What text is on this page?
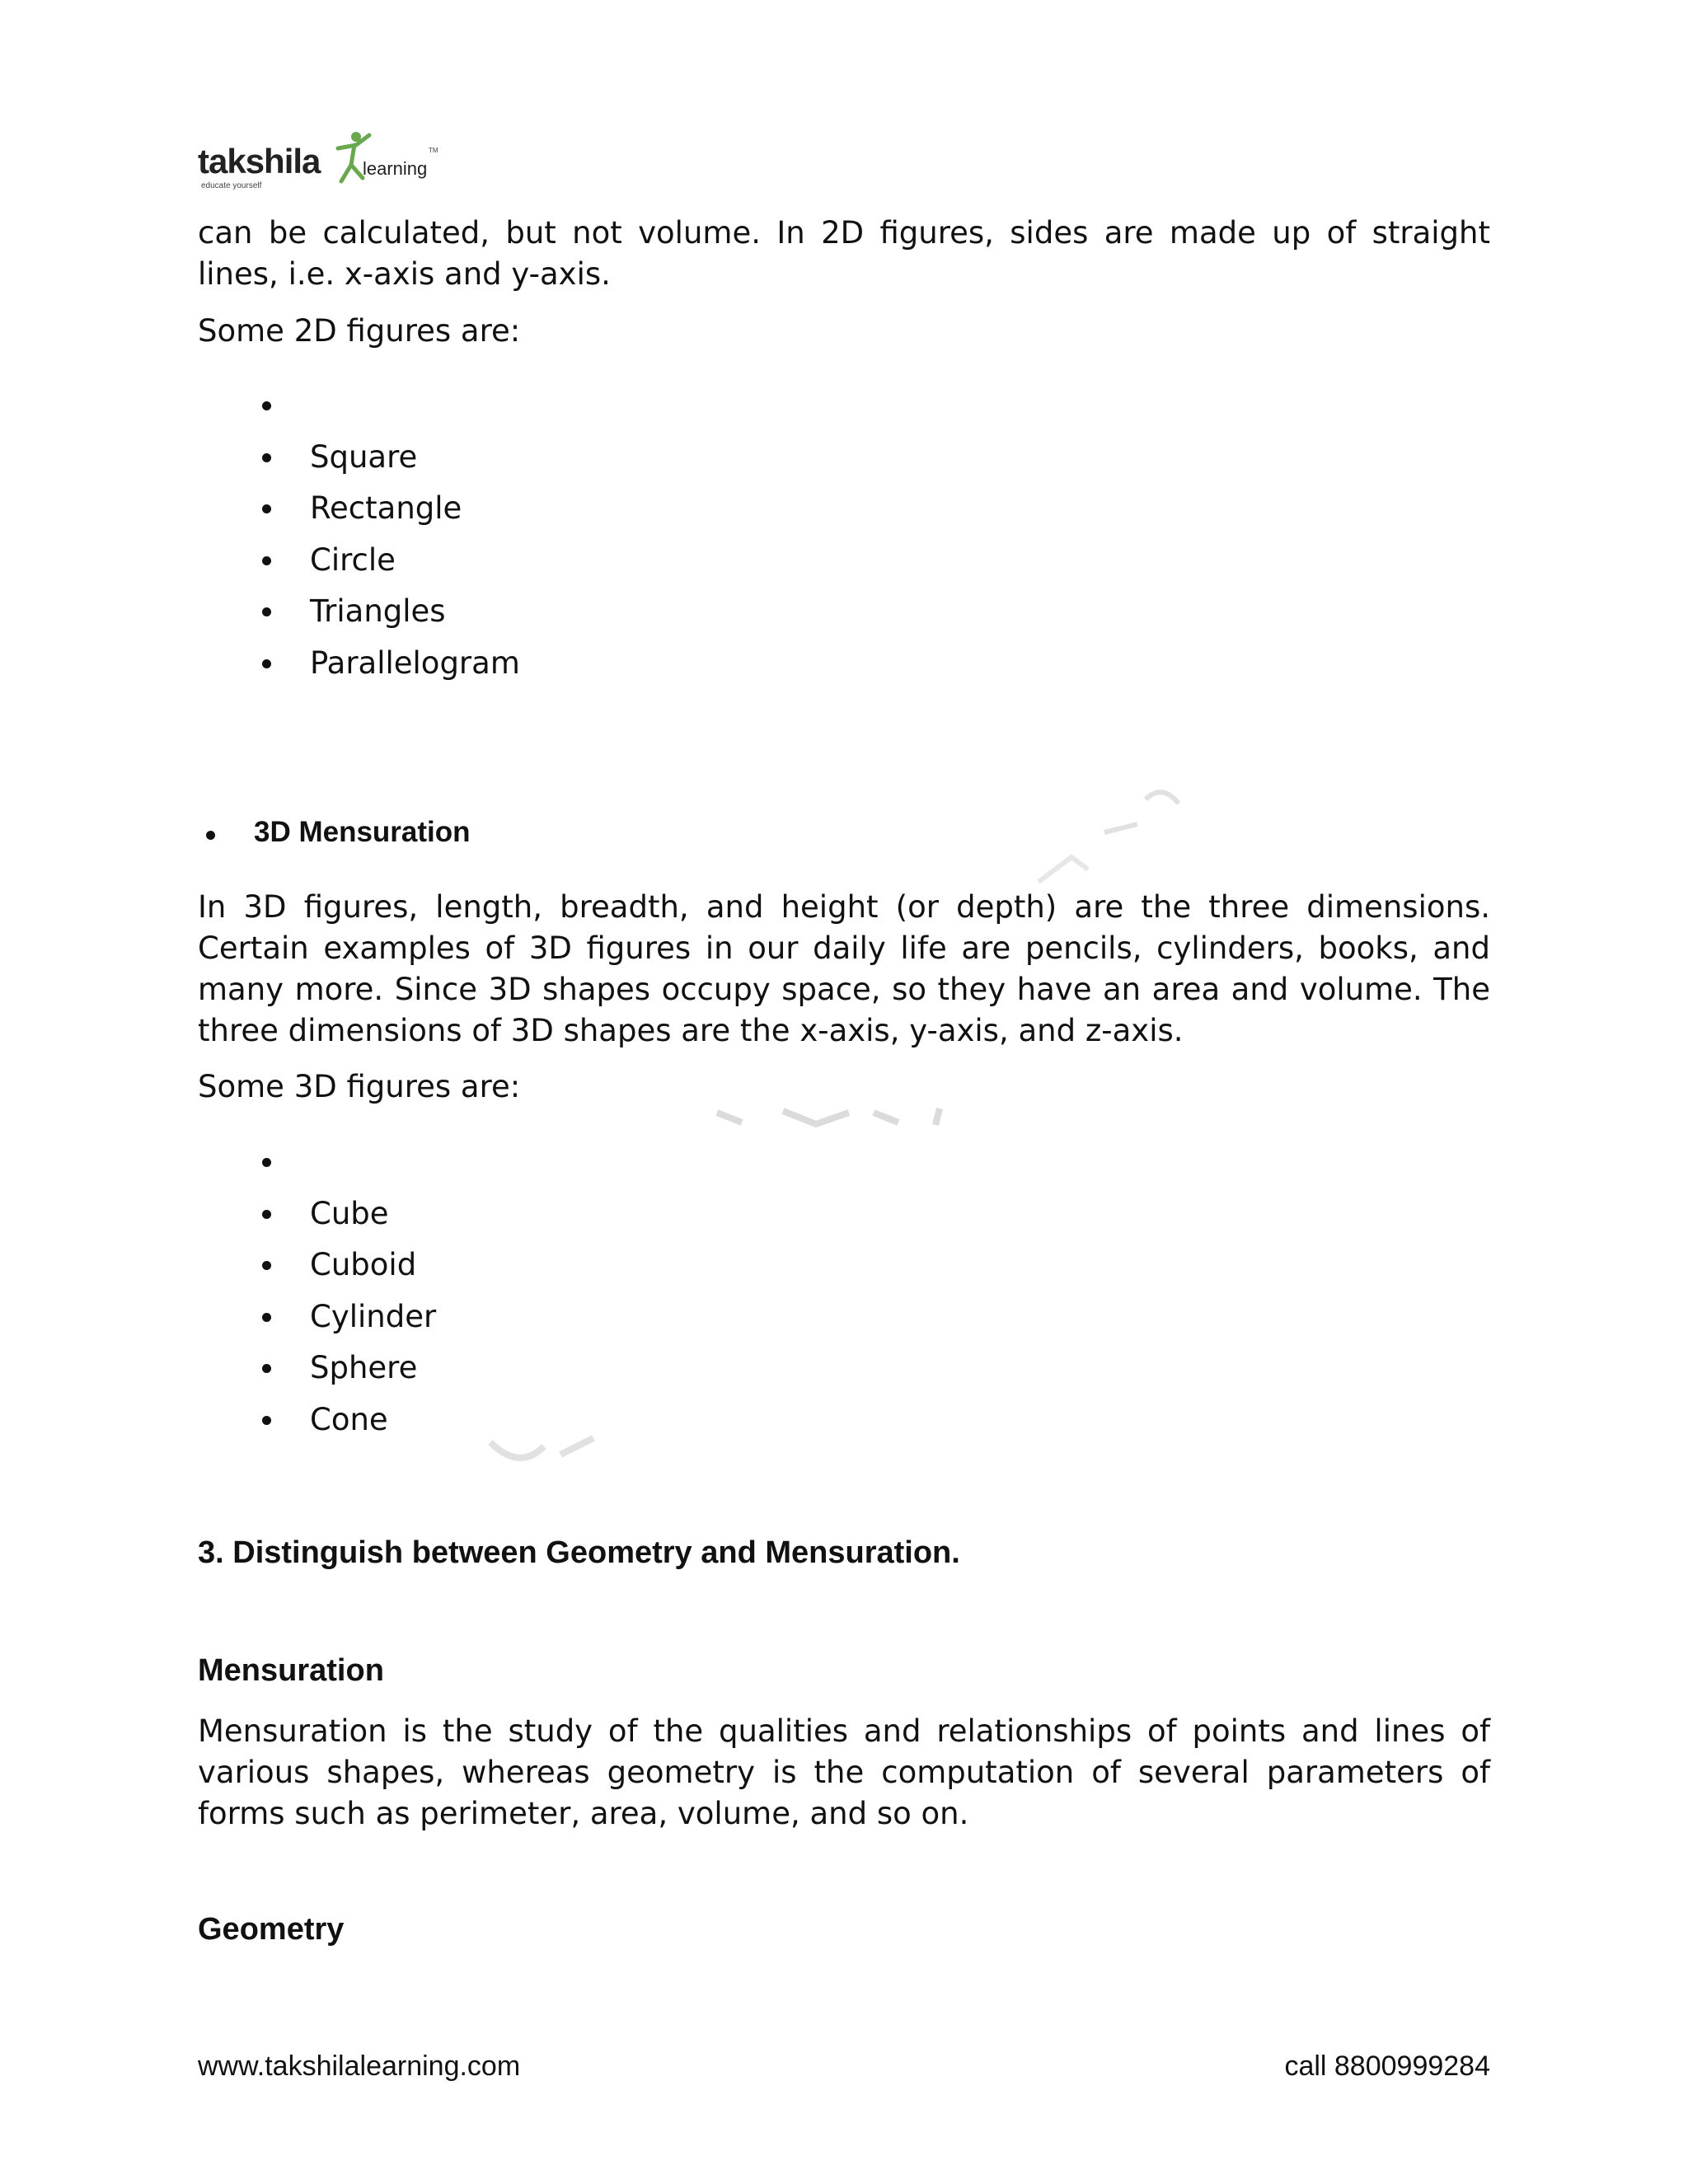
takshila learning
TM
educate yourself
can be calculated, but not volume. In 2D figures, sides are made up of straight lines, i.e. x-axis and y-axis.
Some 2D figures are:
Square
Rectangle
Circle
Triangles
Parallelogram
3D Mensuration
In 3D figures, length, breadth, and height (or depth) are the three dimensions. Certain examples of 3D figures in our daily life are pencils, cylinders, books, and many more. Since 3D shapes occupy space, so they have an area and volume. The three dimensions of 3D shapes are the x-axis, y-axis, and z-axis.
Some 3D figures are:
Cube
Cuboid
Cylinder
Sphere
Cone
3. Distinguish between Geometry and Mensuration.
Mensuration
Mensuration is the study of the qualities and relationships of points and lines of various shapes, whereas geometry is the computation of several parameters of forms such as perimeter, area, volume, and so on.
Geometry
www.takshilalearning.com	call 8800999284
